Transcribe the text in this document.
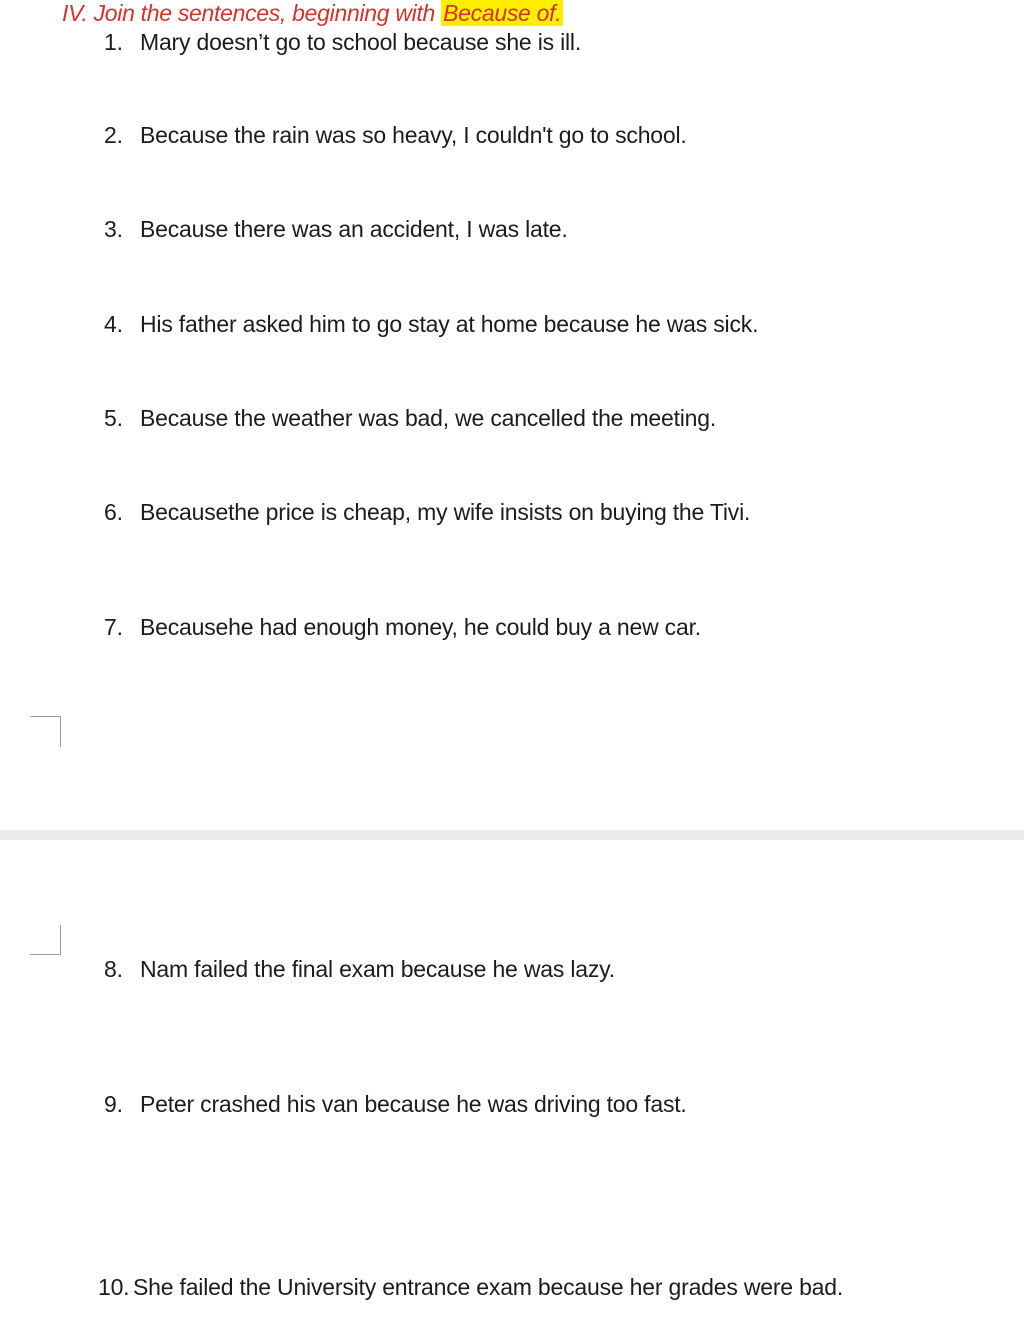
IV. Join the sentences, beginning with Because of.
1. Mary doesn’t go to school because she is ill.
2. Because the rain was so heavy, I couldn't go to school.
3. Because there was an accident, I was late.
4. His father asked him to go stay at home because he was sick.
5. Because the weather was bad, we cancelled the meeting.
6. Becausethe price is cheap, my wife insists on buying the Tivi.
7. Becausehe had enough money, he could buy a new car.
8. Nam failed the final exam because he was lazy.
9. Peter crashed his van because he was driving too fast.
10. She failed the University entrance exam because her grades were bad.
